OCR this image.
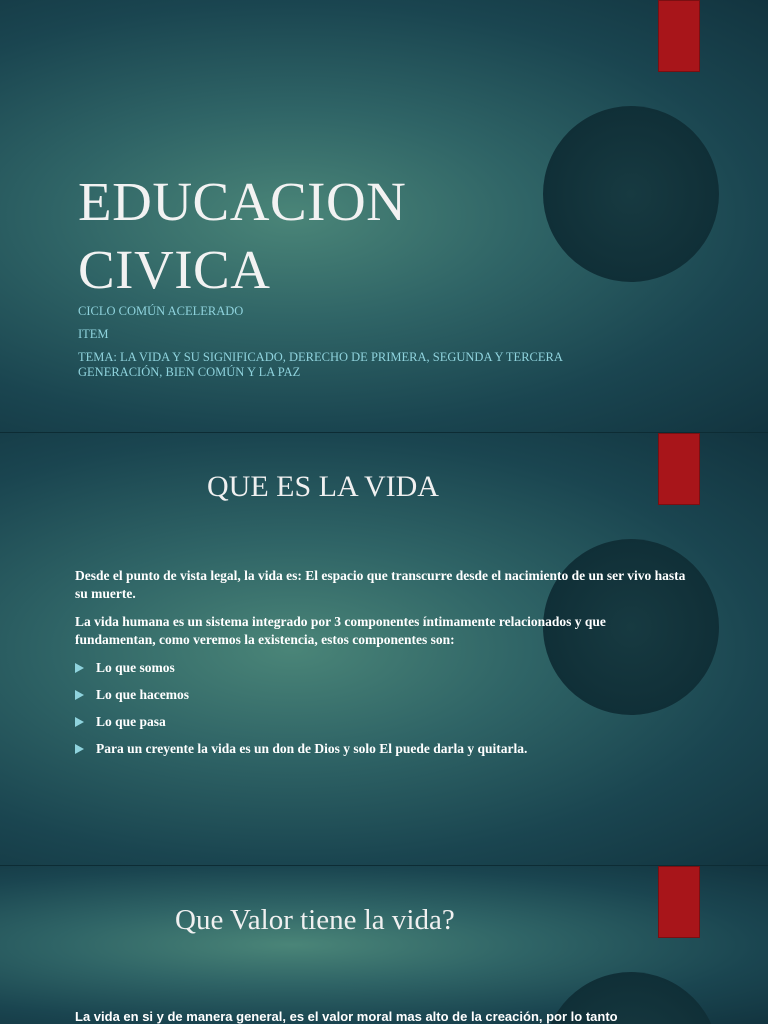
EDUCACION
CIVICA

CICLO COMÚN ACELERADO

ITEM

TEMA: LA VIDA Y SU SIGNIFICADO, DERECHO DE PRIMERA, SEGUNDA Y TERCERA GENERACIÓN, BIEN COMÚN Y LA PAZ

QUE ES LA VIDA

Desde el punto de vista legal, la vida es: El espacio que transcurre desde el nacimiento de un ser vivo hasta su muerte.

La vida humana es un sistema integrado por 3 componentes íntimamente relacionados y que fundamentan, como veremos la existencia, estos componentes son:

Lo que somos
Lo que hacemos
Lo que pasa
Para un creyente la vida es un don de Dios y solo El puede darla y quitarla.
Que Valor tiene la vida?

La vida en si y de manera general, es el valor moral mas alto de la creación, por lo tanto
